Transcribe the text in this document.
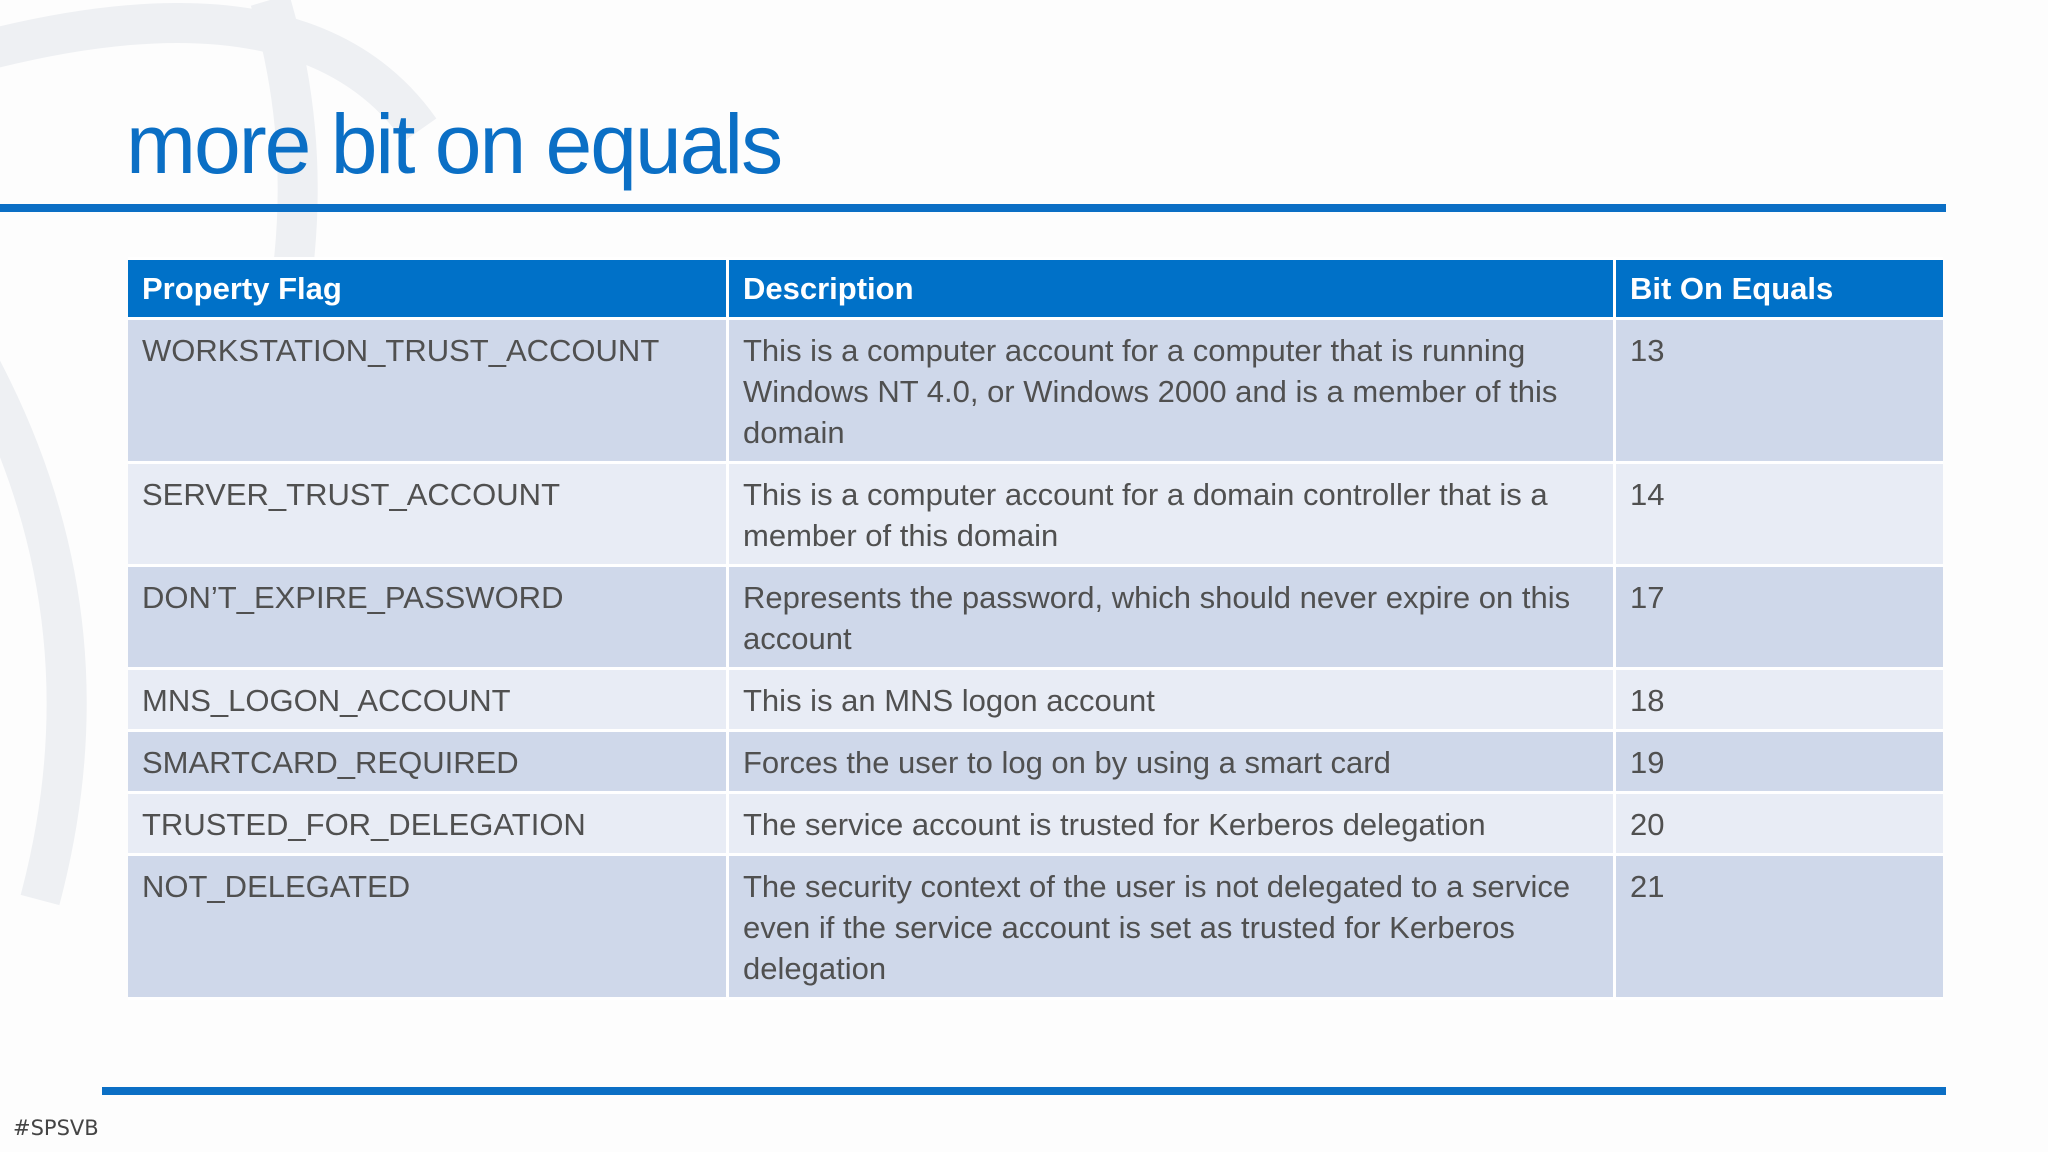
more bit on equals
Property Flag	Description	Bit On Equals
WORKSTATION_TRUST_ACCOUNT	This is a computer account for a computer that is running Windows NT 4.0, or Windows 2000 and is a member of this domain	13
SERVER_TRUST_ACCOUNT	This is a computer account for a domain controller that is a member of this domain	14
DON’T_EXPIRE_PASSWORD	Represents the password, which should never expire on this account	17
MNS_LOGON_ACCOUNT	This is an MNS logon account	18
SMARTCARD_REQUIRED	Forces the user to log on by using a smart card	19
TRUSTED_FOR_DELEGATION	The service account is trusted for Kerberos delegation	20
NOT_DELEGATED	The security context of the user is not delegated to a service even if the service account is set as trusted for Kerberos delegation	21
#SPSVB
